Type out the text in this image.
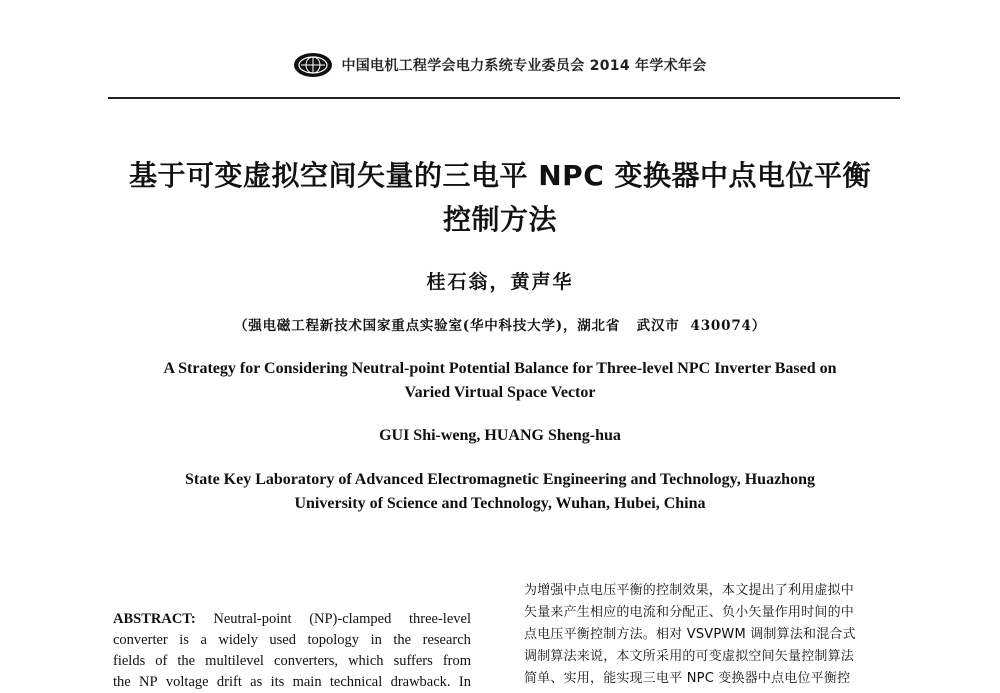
中国电机工程学会电力系统专业委员会 2014 年学术年会
基于可变虚拟空间矢量的三电平 NPC 变换器中点电位平衡
控制方法
桂石翁，黄声华
（强电磁工程新技术国家重点实验室(华中科技大学)，湖北省   武汉市  430074）
A Strategy for Considering Neutral-point Potential Balance for Three-level NPC Inverter Based on
Varied Virtual Space Vector
GUI Shi-weng, HUANG Sheng-hua
State Key Laboratory of Advanced Electromagnetic Engineering and Technology, Huazhong
University of Science and Technology, Wuhan, Hubei, China
ABSTRACT: Neutral-point (NP)-clamped three-level
converter is a widely used topology in the research
fields of the multilevel converters, which suffers from
the NP voltage drift as its main technical drawback. In
为增强中点电压平衡的控制效果，本文提出了利用虚拟中
矢量来产生相应的电流和分配正、负小矢量作用时间的中
点电压平衡控制方法。相对 VSVPWM 调制算法和混合式
调制算法来说，本文所采用的可变虚拟空间矢量控制算法
简单、实用，能实现三电平 NPC 变换器中点电位平衡控
